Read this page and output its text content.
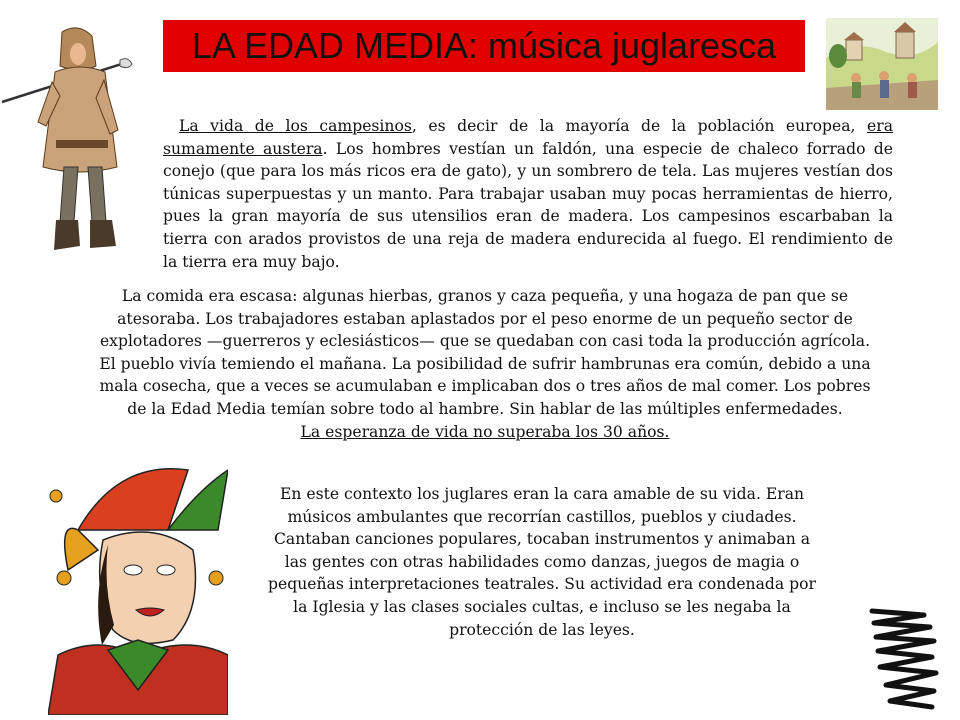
LA EDAD MEDIA: música juglaresca

La vida de los campesinos, es decir de la mayoría de la población europea, era sumamente austera. Los hombres vestían un faldón, una especie de chaleco forrado de conejo (que para los más ricos era de gato), y un sombrero de tela. Las mujeres vestían dos túnicas superpuestas y un manto. Para trabajar usaban muy pocas herramientas de hierro, pues la gran mayoría de sus utensilios eran de madera. Los campesinos escarbaban la tierra con arados provistos de una reja de madera endurecida al fuego. El rendimiento de la tierra era muy bajo.

La comida era escasa: algunas hierbas, granos y caza pequeña, y una hogaza de pan que se atesoraba. Los trabajadores estaban aplastados por el peso enorme de un pequeño sector de explotadores —guerreros y eclesiásticos— que se quedaban con casi toda la producción agrícola. El pueblo vivía temiendo el mañana. La posibilidad de sufrir hambrunas era común, debido a una mala cosecha, que a veces se acumulaban e implicaban dos o tres años de mal comer. Los pobres de la Edad Media temían sobre todo al hambre. Sin hablar de las múltiples enfermedades.
La esperanza de vida no superaba los 30 años.

En este contexto los juglares eran la cara amable de su vida. Eran músicos ambulantes que recorrían castillos, pueblos y ciudades. Cantaban canciones populares, tocaban instrumentos y animaban a las gentes con otras habilidades como danzas, juegos de magia o pequeñas interpretaciones teatrales. Su actividad era condenada por la Iglesia y las clases sociales cultas, e incluso se les negaba la protección de las leyes.
